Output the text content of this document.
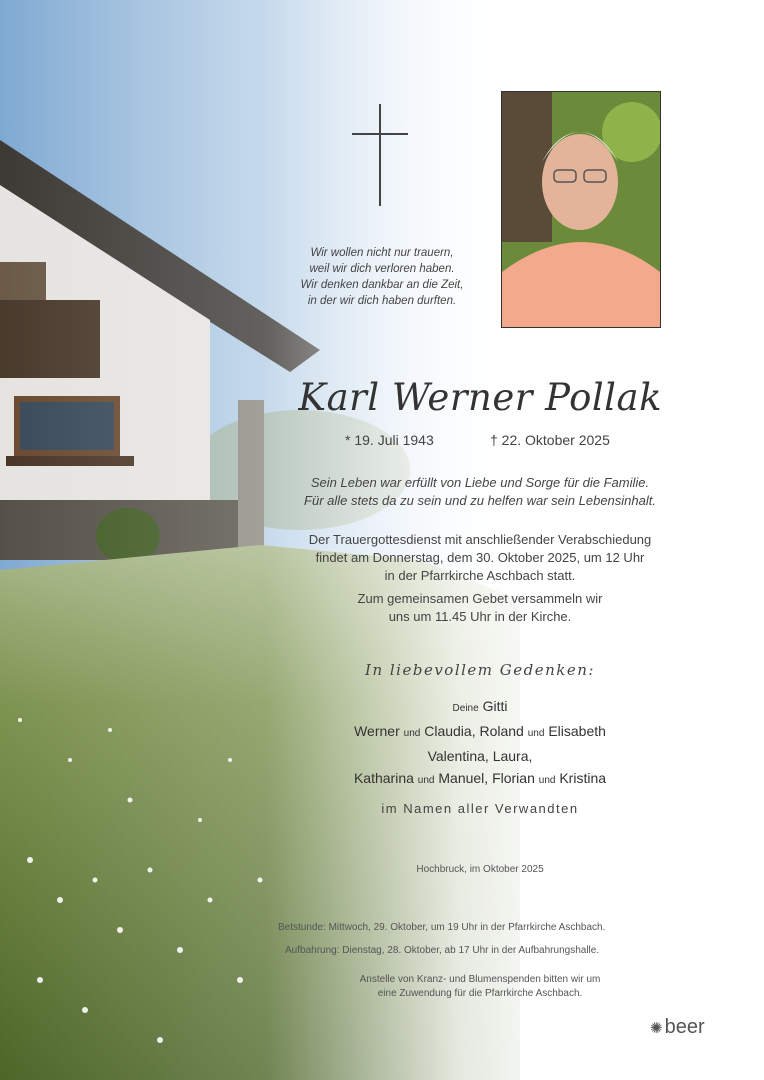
Wir wollen nicht nur trauern,
weil wir dich verloren haben.
Wir denken dankbar an die Zeit,
in der wir dich haben durften.
Karl Werner Pollak
* 19. Juli 1943	† 22. Oktober 2025
Sein Leben war erfüllt von Liebe und Sorge für die Familie.
Für alle stets da zu sein und zu helfen war sein Lebensinhalt.
Der Trauergottesdienst mit anschließender Verabschiedung
findet am Donnerstag, dem 30. Oktober 2025, um 12 Uhr
in der Pfarrkirche Aschbach statt.
Zum gemeinsamen Gebet versammeln wir
uns um 11.45 Uhr in der Kirche.
In liebevollem Gedenken:
Deine Gitti
Werner und Claudia, Roland und Elisabeth
Valentina, Laura,
Katharina und Manuel, Florian und Kristina
im Namen aller Verwandten
Hochbruck, im Oktober 2025
Betstunde: Mittwoch, 29. Oktober, um 19 Uhr in der Pfarrkirche Aschbach.
Aufbahrung: Dienstag, 28. Oktober, ab 17 Uhr in der Aufbahrungshalle.
Anstelle von Kranz- und Blumenspenden bitten wir um
eine Zuwendung für die Pfarrkirche Aschbach.
✺ beer
